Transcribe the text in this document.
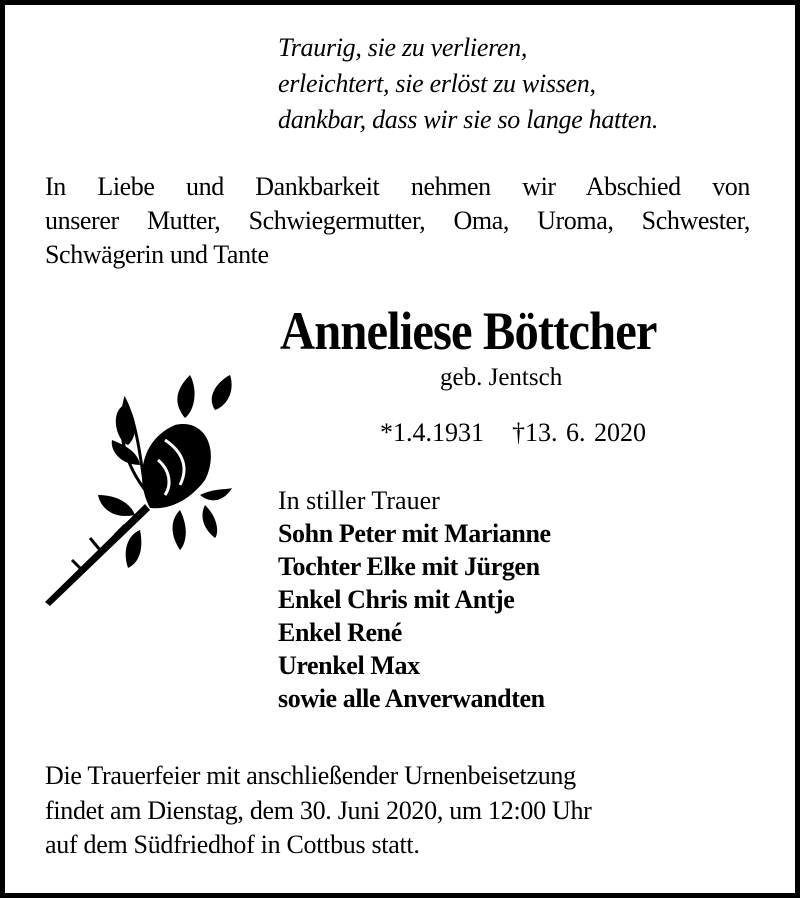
Traurig, sie zu verlieren,
erleichtert, sie erlöst zu wissen,
dankbar, dass wir sie so lange hatten.
In Liebe und Dankbarkeit nehmen wir Abschied von
unserer Mutter, Schwiegermutter, Oma, Uroma, Schwester,
Schwägerin und Tante
Anneliese Böttcher
geb. Jentsch
*1.4.1931 †13. 6. 2020
In stiller Trauer
Sohn Peter mit Marianne
Tochter Elke mit Jürgen
Enkel Chris mit Antje
Enkel René
Urenkel Max
sowie alle Anverwandten
Die Trauerfeier mit anschließender Urnenbeisetzung
findet am Dienstag, dem 30. Juni 2020, um 12:00 Uhr
auf dem Südfriedhof in Cottbus statt.
